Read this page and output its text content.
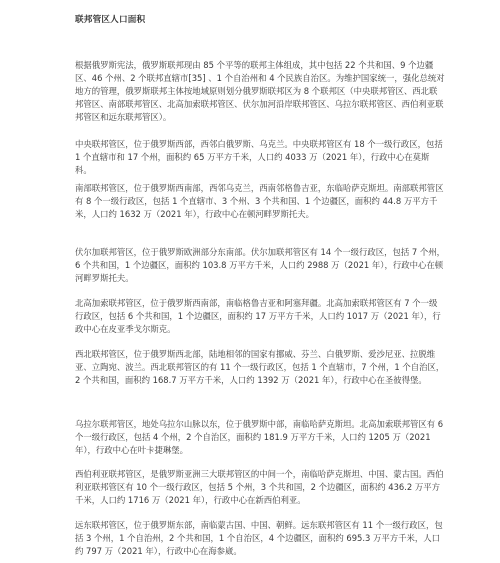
联邦管区人口面积

根据俄罗斯宪法，俄罗斯联邦现由 85 个平等的联邦主体组成，其中包括 22 个共和国、9 个边疆区、46 个州、2 个联邦直辖市[35] 、1 个自治州和 4 个民族自治区。为维护国家统一，强化总统对地方的管理，俄罗斯联邦主体按地域原则划分俄罗斯联邦区为 8 个联邦区（中央联邦管区、西北联邦管区、南部联邦管区、北高加索联邦管区、伏尔加河沿岸联邦管区、乌拉尔联邦管区、西伯利亚联邦管区和远东联邦管区）。

中央联邦管区，位于俄罗斯西部，西邻白俄罗斯、乌克兰。中央联邦管区有 18 个一级行政区，包括 1 个直辖市和 17 个州，面积约 65 万平方千米，人口约 4033 万（2021 年），行政中心在莫斯科。

南部联邦管区，位于俄罗斯西南部，西邻乌克兰，西南邻格鲁吉亚，东临哈萨克斯坦。南部联邦管区有 8 个一级行政区，包括 1 个直辖市、3 个州、3 个共和国、1 个边疆区，面积约 44.8 万平方千米，人口约 1632 万（2021 年），行政中心在顿河畔罗斯托夫。

伏尔加联邦管区，位于俄罗斯欧洲部分东南部。伏尔加联邦管区有 14 个一级行政区，包括 7 个州，6 个共和国，1 个边疆区，面积约 103.8 万平方千米，人口约 2988 万（2021 年），行政中心在顿河畔罗斯托夫。

北高加索联邦管区，位于俄罗斯西南部，南临格鲁吉亚和阿塞拜疆。北高加索联邦管区有 7 个一级行政区，包括 6 个共和国，1 个边疆区，面积约 17 万平方千米，人口约 1017 万（2021 年），行政中心在皮亚季戈尔斯克。

西北联邦管区，位于俄罗斯西北部，陆地相邻的国家有挪威、芬兰、白俄罗斯、爱沙尼亚、拉脱维亚、立陶宛、波兰。西北联邦管区的有 11 个一级行政区，包括 1 个直辖市，7 个州，1 个自治区，2 个共和国，面积约 168.7 万平方千米，人口约 1392 万（2021 年），行政中心在圣彼得堡。

乌拉尔联邦管区，地处乌拉尔山脉以东，位于俄罗斯中部，南临哈萨克斯坦。北高加索联邦管区有 6 个一级行政区，包括 4 个州，2 个自治区，面积约 181.9 万平方千米，人口约 1205 万（2021 年），行政中心在叶卡捷琳堡。

西伯利亚联邦管区，是俄罗斯亚洲三大联邦管区的中间一个，南临哈萨克斯坦、中国、蒙古国。西伯利亚联邦管区有 10 个一级行政区，包括 5 个州，3 个共和国，2 个边疆区，面积约 436.2 万平方千米，人口约 1716 万（2021 年），行政中心在新西伯利亚。

远东联邦管区，位于俄罗斯东部，南临蒙古国、中国、朝鲜。远东联邦管区有 11 个一级行政区，包括 3 个州，1 个自治州，2 个共和国，1 个自治区，4 个边疆区，面积约 695.3 万平方千米，人口约 797 万（2021 年），行政中心在海参崴。
